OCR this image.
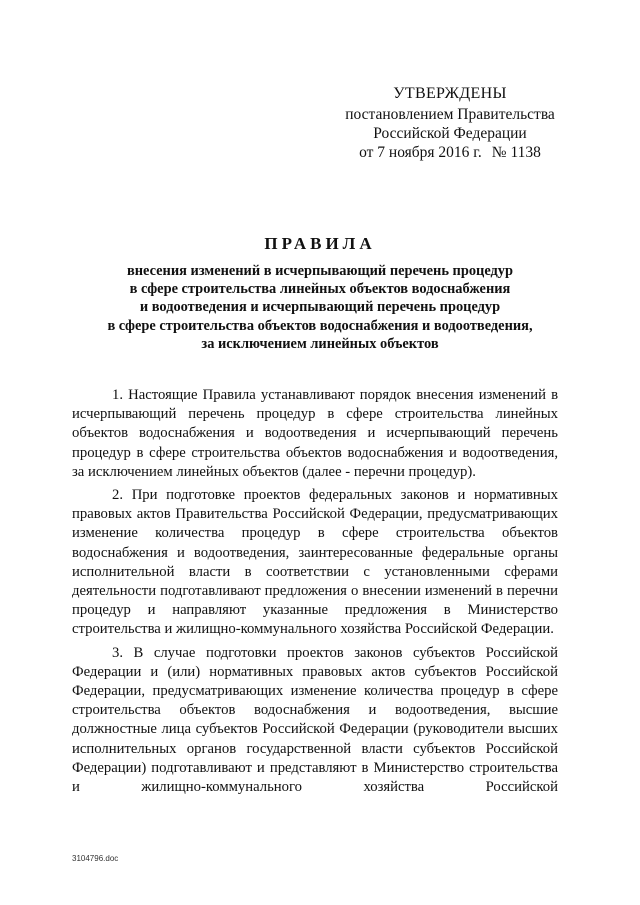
УТВЕРЖДЕНЫ
постановлением Правительства
Российской Федерации
от 7 ноября 2016 г. № 1138
ПРАВИЛА
внесения изменений в исчерпывающий перечень процедур
в сфере строительства линейных объектов водоснабжения
и водоотведения и исчерпывающий перечень процедур
в сфере строительства объектов водоснабжения и водоотведения,
за исключением линейных объектов

1. Настоящие Правила устанавливают порядок внесения изменений в исчерпывающий перечень процедур в сфере строительства линейных объектов водоснабжения и водоотведения и исчерпывающий перечень процедур в сфере строительства объектов водоснабжения и водоотведения, за исключением линейных объектов (далее - перечни процедур).

2. При подготовке проектов федеральных законов и нормативных правовых актов Правительства Российской Федерации, предусматривающих изменение количества процедур в сфере строительства объектов водоснабжения и водоотведения, заинтересованные федеральные органы исполнительной власти в соответствии с установленными сферами деятельности подготавливают предложения о внесении изменений в перечни процедур и направляют указанные предложения в Министерство строительства и жилищно-коммунального хозяйства Российской Федерации.

3. В случае подготовки проектов законов субъектов Российской Федерации и (или) нормативных правовых актов субъектов Российской Федерации, предусматривающих изменение количества процедур в сфере строительства объектов водоснабжения и водоотведения, высшие должностные лица субъектов Российской Федерации (руководители высших исполнительных органов государственной власти субъектов Российской Федерации) подготавливают и представляют в Министерство строительства и жилищно-коммунального хозяйства Российской

3104796.doc
